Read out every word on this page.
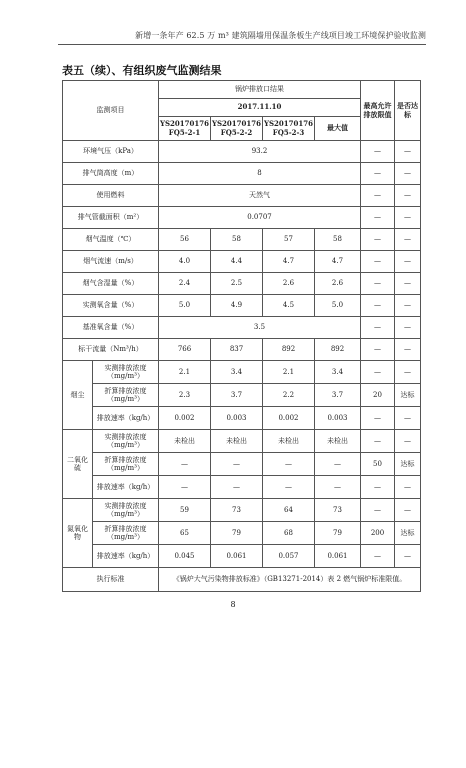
新增一条年产 62.5 万 m³ 建筑隔墙用保温条板生产线项目竣工环境保护验收监测
表五（续）、有组织废气监测结果
监测项目		锅炉排放口结果				最高允许排放限值	是否达标
		2017.11.10					
		YS20170176 FQ5-2-1	YS20170176 FQ5-2-2	YS20170176 FQ5-2-3	最大值		
环境气压（kPa）		93.2				—	—
排气筒高度（m）		8				—	—
使用燃料		天然气				—	—
排气管截面积（m²）		0.0707				—	—
烟气温度（℃）		56	58	57	58	—	—
烟气流速（m/s）		4.0	4.4	4.7	4.7	—	—
烟气含湿量（%）		2.4	2.5	2.6	2.6	—	—
实测氧含量（%）		5.0	4.9	4.5	5.0	—	—
基准氧含量（%）		3.5				—	—
标干流量（Nm³/h）		766	837	892	892	—	—
烟尘	实测排放浓度（mg/m³）	2.1	3.4	2.1	3.4	—	—
	折算排放浓度（mg/m³）	2.3	3.7	2.2	3.7	20	达标
	排放速率（kg/h）	0.002	0.003	0.002	0.003	—	—
二氧化硫	实测排放浓度（mg/m³）	未检出	未检出	未检出	未检出	—	—
	折算排放浓度（mg/m³）	—	—	—	—	50	达标
	排放速率（kg/h）	—	—	—	—	—	—
氮氧化物	实测排放浓度（mg/m³）	59	73	64	73	—	—
	折算排放浓度（mg/m³）	65	79	68	79	200	达标
	排放速率（kg/h）	0.045	0.061	0.057	0.061	—	—
执行标准		《锅炉大气污染物排放标准》（GB13271-2014）表 2 燃气锅炉标准限值。					
8
